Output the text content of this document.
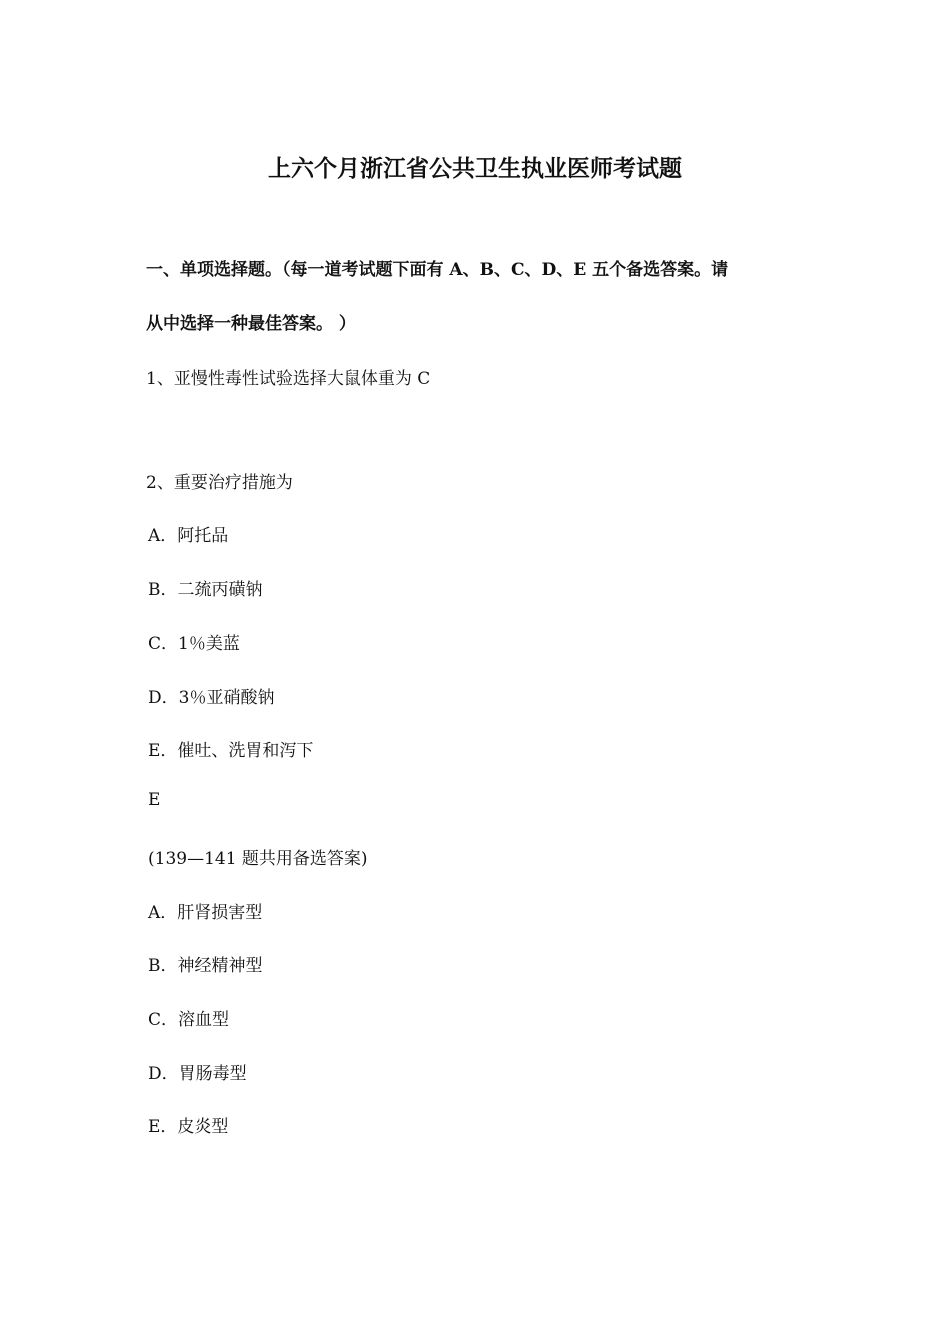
上六个月浙江省公共卫生执业医师考试题
一、单项选择题。（每一道考试题下面有 A、B、C、D、E 五个备选答案。请
从中选择一种最佳答案。 ）
1、亚慢性毒性试验选择大鼠体重为 C
2、重要治疗措施为
A．阿托品
B．二巯丙磺钠
C．1％美蓝
D．3％亚硝酸钠
E．催吐、洗胃和泻下
E
(139—141 题共用备选答案)
A．肝肾损害型
B．神经精神型
C．溶血型
D．胃肠毒型
E．皮炎型
